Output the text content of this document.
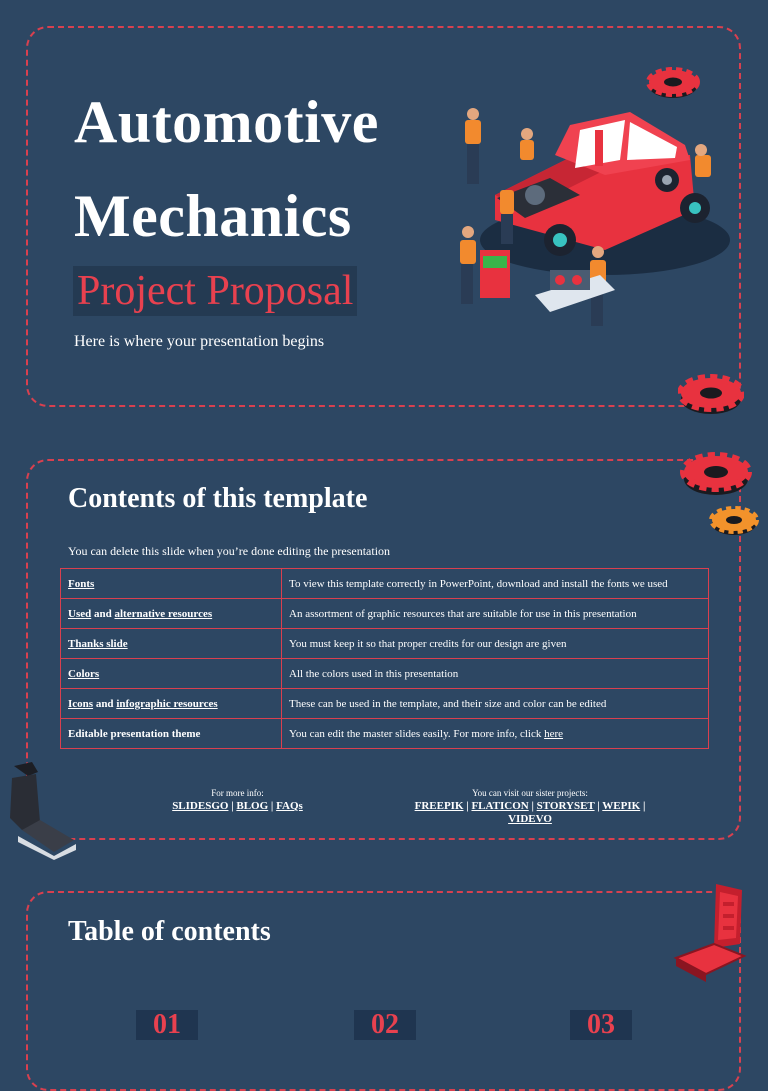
Automotive
Mechanics
Project Proposal
Here is where your presentation begins
Contents of this template
You can delete this slide when you’re done editing the presentation
Fonts	To view this template correctly in PowerPoint, download and install the fonts we used
Used and alternative resources	An assortment of graphic resources that are suitable for use in this presentation
Thanks slide	You must keep it so that proper credits for our design are given
Colors	All the colors used in this presentation
Icons and infographic resources	These can be used in the template, and their size and color can be edited
Editable presentation theme	You can edit the master slides easily. For more info, click here
For more info:
SLIDESGO | BLOG | FAQs
You can visit our sister projects:
FREEPIK | FLATICON | STORYSET | WEPIK |
VIDEVO
Table of contents
01	02	03
